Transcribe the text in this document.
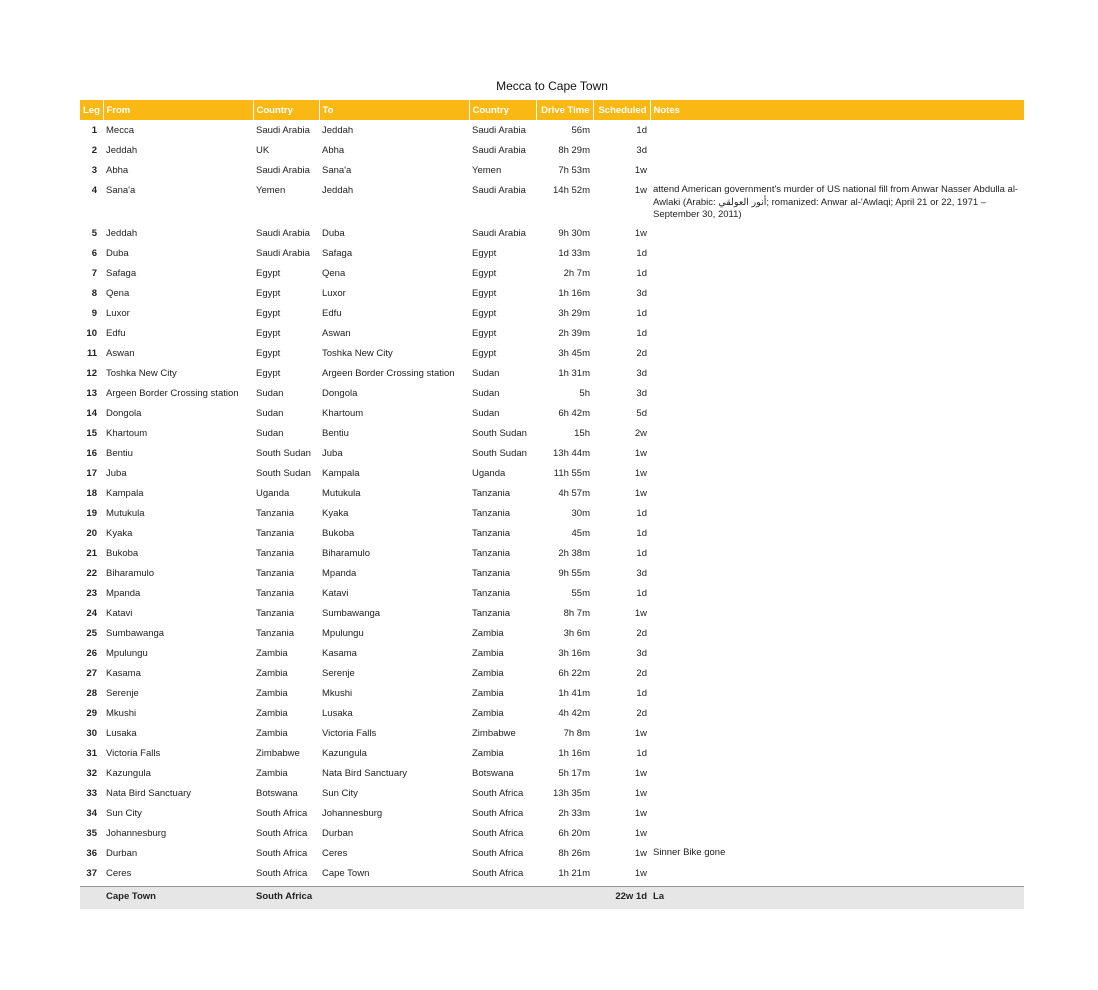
Mecca to Cape Town
Leg	From	Country	To	Country	Drive Time	Scheduled	Notes
1	Mecca	Saudi Arabia	Jeddah	Saudi Arabia	56m	1d	
2	Jeddah	UK	Abha	Saudi Arabia	8h 29m	3d	
3	Abha	Saudi Arabia	Sana'a	Yemen	7h 53m	1w	
4	Sana'a	Yemen	Jeddah	Saudi Arabia	14h 52m	1w	attend American government's murder of US national fill from Anwar Nasser Abdulla al-Awlaki (Arabic: أنور العولقي; romanized: Anwar al-'Awlaqi; April 21 or 22, 1971 – September 30, 2011)
5	Jeddah	Saudi Arabia	Duba	Saudi Arabia	9h 30m	1w	
6	Duba	Saudi Arabia	Safaga	Egypt	1d 33m	1d	
7	Safaga	Egypt	Qena	Egypt	2h 7m	1d	
8	Qena	Egypt	Luxor	Egypt	1h 16m	3d	
9	Luxor	Egypt	Edfu	Egypt	3h 29m	1d	
10	Edfu	Egypt	Aswan	Egypt	2h 39m	1d	
11	Aswan	Egypt	Toshka New City	Egypt	3h 45m	2d	
12	Toshka New City	Egypt	Argeen Border Crossing station	Sudan	1h 31m	3d	
13	Argeen Border Crossing station	Sudan	Dongola	Sudan	5h	3d	
14	Dongola	Sudan	Khartoum	Sudan	6h 42m	5d	
15	Khartoum	Sudan	Bentiu	South Sudan	15h	2w	
16	Bentiu	South Sudan	Juba	South Sudan	13h 44m	1w	
17	Juba	South Sudan	Kampala	Uganda	11h 55m	1w	
18	Kampala	Uganda	Mutukula	Tanzania	4h 57m	1w	
19	Mutukula	Tanzania	Kyaka	Tanzania	30m	1d	
20	Kyaka	Tanzania	Bukoba	Tanzania	45m	1d	
21	Bukoba	Tanzania	Biharamulo	Tanzania	2h 38m	1d	
22	Biharamulo	Tanzania	Mpanda	Tanzania	9h 55m	3d	
23	Mpanda	Tanzania	Katavi	Tanzania	55m	1d	
24	Katavi	Tanzania	Sumbawanga	Tanzania	8h 7m	1w	
25	Sumbawanga	Tanzania	Mpulungu	Zambia	3h 6m	2d	
26	Mpulungu	Zambia	Kasama	Zambia	3h 16m	3d	
27	Kasama	Zambia	Serenje	Zambia	6h 22m	2d	
28	Serenje	Zambia	Mkushi	Zambia	1h 41m	1d	
29	Mkushi	Zambia	Lusaka	Zambia	4h 42m	2d	
30	Lusaka	Zambia	Victoria Falls	Zimbabwe	7h 8m	1w	
31	Victoria Falls	Zimbabwe	Kazungula	Zambia	1h 16m	1d	
32	Kazungula	Zambia	Nata Bird Sanctuary	Botswana	5h 17m	1w	
33	Nata Bird Sanctuary	Botswana	Sun City	South Africa	13h 35m	1w	
34	Sun City	South Africa	Johannesburg	South Africa	2h 33m	1w	
35	Johannesburg	South Africa	Durban	South Africa	6h 20m	1w	
36	Durban	South Africa	Ceres	South Africa	8h 26m	1w	Sinner Bike gone
37	Ceres	South Africa	Cape Town	South Africa	1h 21m	1w	
	Cape Town	South Africa				22w 1d	La
